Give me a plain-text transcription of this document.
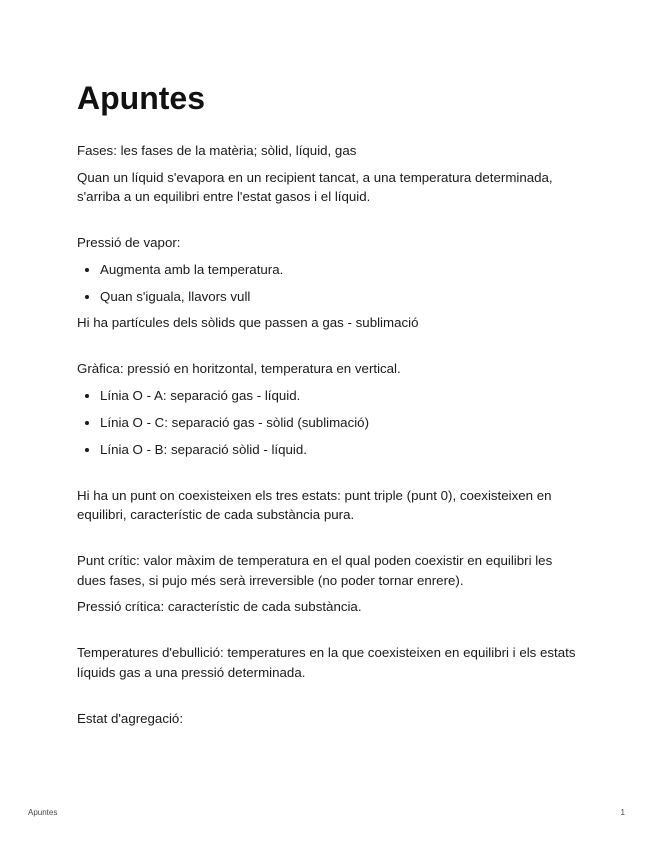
Apuntes

Fases: les fases de la matèria; sòlid, líquid, gas

Quan un líquid s'evapora en un recipient tancat, a una temperatura determinada, s'arriba a un equilibri entre l'estat gasos i el líquid.

Pressió de vapor:

• Augmenta amb la temperatura.
• Quan s'iguala, llavors vull

Hi ha partícules dels sòlids que passen a gas - sublimació

Gràfica: pressió en horitzontal, temperatura en vertical.

• Línia O - A: separació gas - líquid.
• Línia O - C: separació gas - sòlid (sublimació)
• Línia O - B: separació sòlid - líquid.

Hi ha un punt on coexisteixen els tres estats: punt triple (punt 0), coexisteixen en equilibri, característic de cada substància pura.

Punt crític: valor màxim de temperatura en el qual poden coexistir en equilibri les dues fases, si pujo més serà irreversible (no poder tornar enrere).

Pressió crítica: característic de cada substància.

Temperatures d'ebullició: temperatures en la que coexisteixen en equilibri i els estats líquids gas a una pressió determinada.

Estat d'agregació:

Apuntes	1
